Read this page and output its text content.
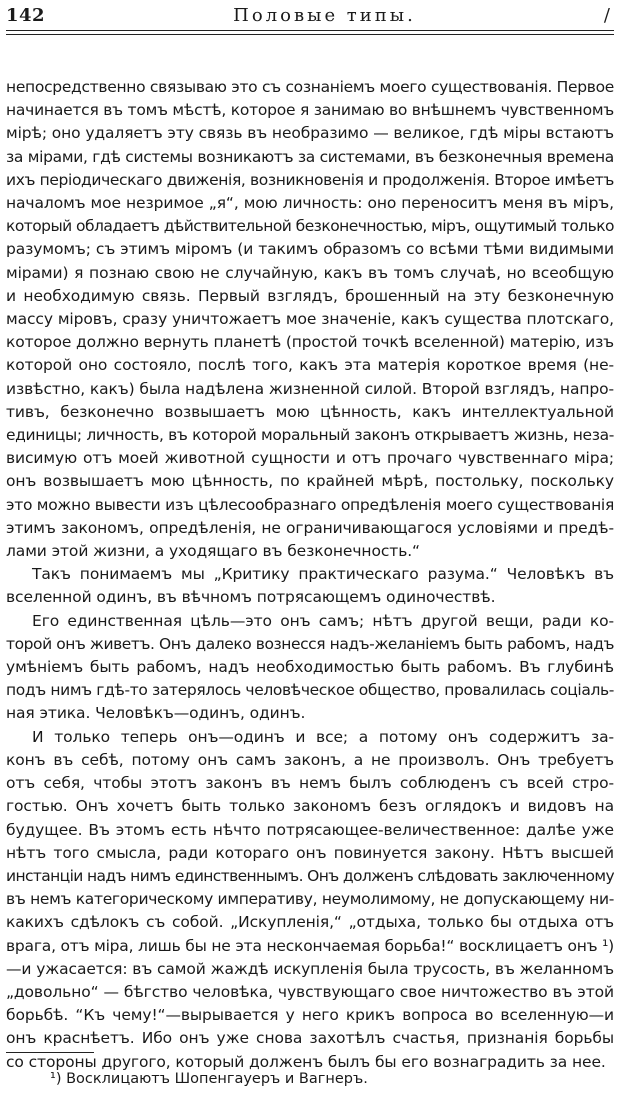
142	Половые типы.	/
непосредственно связываю это съ сознаніемъ моего существованія. Первое
начинается въ томъ мѣстѣ, которое я занимаю во внѣшнемъ чувственномъ
мірѣ; оно удаляетъ эту связь въ необразимо — великое, гдѣ міры встаютъ
за мірами, гдѣ системы возникаютъ за системами, въ безконечныя времена
ихъ періодическаго движенія, возникновенія и продолженія. Второе имѣетъ
началомъ мое незримое „я“, мою личность: оно переноситъ меня въ міръ,
который обладаетъ дѣйствительной безконечностью, міръ, ощутимый только
разумомъ; съ этимъ міромъ (и такимъ образомъ со всѣми тѣми видимыми
мірами) я познаю свою не случайную, какъ въ томъ случаѣ, но всеобщую
и необходимую связь. Первый взглядъ, брошенный на эту безконечную
массу міровъ, сразу уничтожаетъ мое значеніе, какъ существа плотскаго,
которое должно вернуть планетѣ (простой точкѣ вселенной) матерію, изъ
которой оно состояло, послѣ того, какъ эта матерія короткое время (не-
извѣстно, какъ) была надѣлена жизненной силой. Второй взглядъ, напро-
тивъ, безконечно возвышаетъ мою цѣнность, какъ интеллектуальной
единицы; личность, въ которой моральный законъ открываетъ жизнь, неза-
висимую отъ моей животной сущности и отъ прочаго чувственнаго міра;
онъ возвышаетъ мою цѣнность, по крайней мѣрѣ, постольку, поскольку
это можно вывести изъ цѣлесообразнаго опредѣленія моего существованія
этимъ закономъ, опредѣленія, не ограничивающагося условіями и предѣ-
лами этой жизни, а уходящаго въ безконечность.“
Такъ понимаемъ мы „Критику практическаго разума.“ Человѣкъ въ
вселенной одинъ, въ вѣчномъ потрясающемъ одиночествѣ.
Его единственная цѣль—это онъ самъ; нѣтъ другой вещи, ради ко-
торой онъ живетъ. Онъ далеко вознесся надъ-желаніемъ быть рабомъ, надъ
умѣніемъ быть рабомъ, надъ необходимостью быть рабомъ. Въ глубинѣ
подъ нимъ гдѣ-то затерялось человѣческое общество, провалилась соціаль-
ная этика. Человѣкъ—одинъ, одинъ.
И только теперь онъ—одинъ и все; а потому онъ содержитъ за-
конъ въ себѣ, потому онъ самъ законъ, а не произволъ. Онъ требуетъ
отъ себя, чтобы этотъ законъ въ немъ былъ соблюденъ съ всей стро-
гостью. Онъ хочетъ быть только закономъ безъ оглядокъ и видовъ на
будущее. Въ этомъ есть нѣчто потрясающее-величественное: далѣе уже
нѣтъ того смысла, ради котораго онъ повинуется закону. Нѣтъ высшей
инстанціи надъ нимъ единственнымъ. Онъ долженъ слѣдовать заключенному
въ немъ категорическому императиву, неумолимому, не допускающему ни-
какихъ сдѣлокъ съ собой. „Искупленія,“ „отдыха, только бы отдыха отъ
врага, отъ міра, лишь бы не эта нескончаемая борьба!“ восклицаетъ онъ ¹)
—и ужасается: въ самой жаждѣ искупленія была трусость, въ желанномъ
„довольно“ — бѣгство человѣка, чувствующаго свое ничтожество въ этой
борьбѣ. “Къ чему!“—вырывается у него крикъ вопроса во вселенную—и
онъ краснѣетъ. Ибо онъ уже снова захотѣлъ счастья, признанія борьбы
со стороны другого, который долженъ былъ бы его вознаградить за нее.
¹) Восклицаютъ Шопенгауеръ и Вагнеръ.
